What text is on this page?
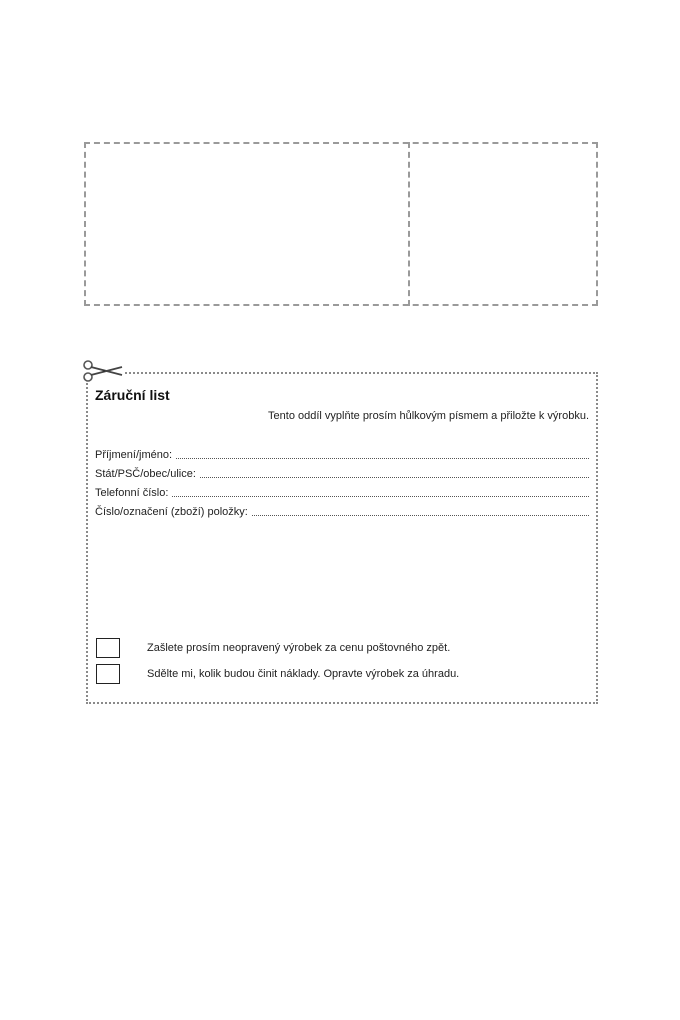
Záruční list
Tento oddíl vyplňte prosím hůlkovým písmem a přiložte k výrobku.
Příjmení/jméno:
Stát/PSČ/obec/ulice:
Telefonní číslo:
Číslo/označení (zboží) položky:
Zašlete prosím neopravený výrobek za cenu poštovného zpět.
Sdělte mi, kolik budou činit náklady. Opravte výrobek za úhradu.
